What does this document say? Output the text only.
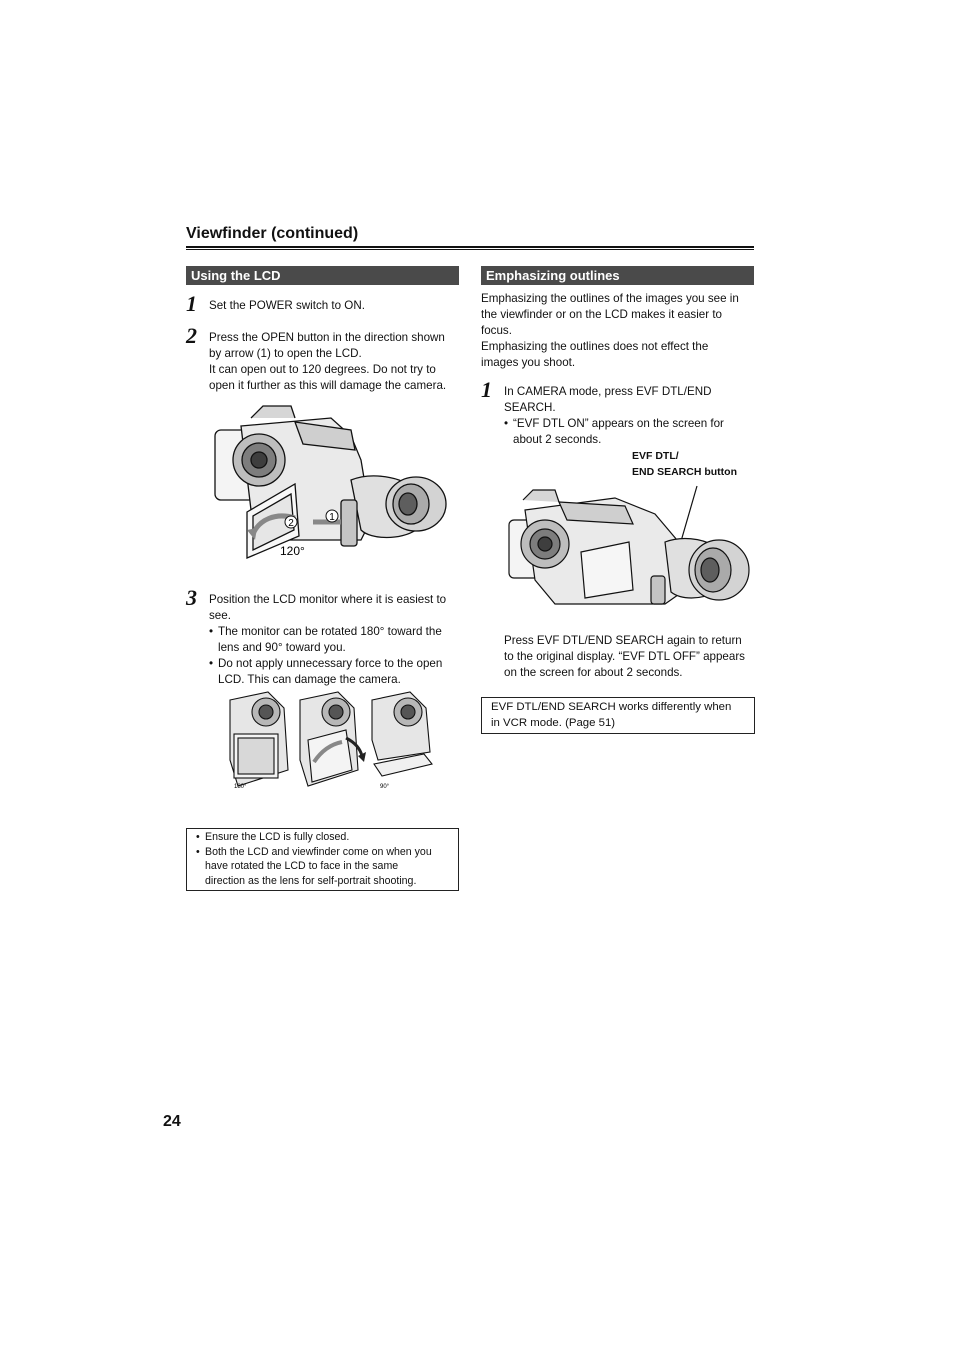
Viewfinder (continued)
Using the LCD
1 Set the POWER switch to ON.

2 Press the OPEN button in the direction shown

by arrow (1) to open the LCD.

It can open out to 120 degrees. Do not try to

open it further as this will damage the camera.

2
1
120°
3 Position the LCD monitor where it is easiest to

see.

• The monitor can be rotated 180° toward the

lens and 90° toward you.

• Do not apply unnecessary force to the open

LCD. This can damage the camera.

180°	90°

• Ensure the LCD is fully closed.

• Both the LCD and viewfinder come on when you

have rotated the LCD to face in the same

direction as the lens for self-portrait shooting.

Emphasizing outlines

Emphasizing the outlines of the images you see in

the viewfinder or on the LCD makes it easier to

focus.

Emphasizing the outlines does not effect the

images you shoot.

1 In CAMERA mode, press EVF DTL/END

SEARCH.

• “EVF DTL ON” appears on the screen for

about 2 seconds.

EVF DTL/
END SEARCH button

Press EVF DTL/END SEARCH again to return

to the original display. “EVF DTL OFF” appears

on the screen for about 2 seconds.

EVF DTL/END SEARCH works differently when

in VCR mode. (Page 51)

24
